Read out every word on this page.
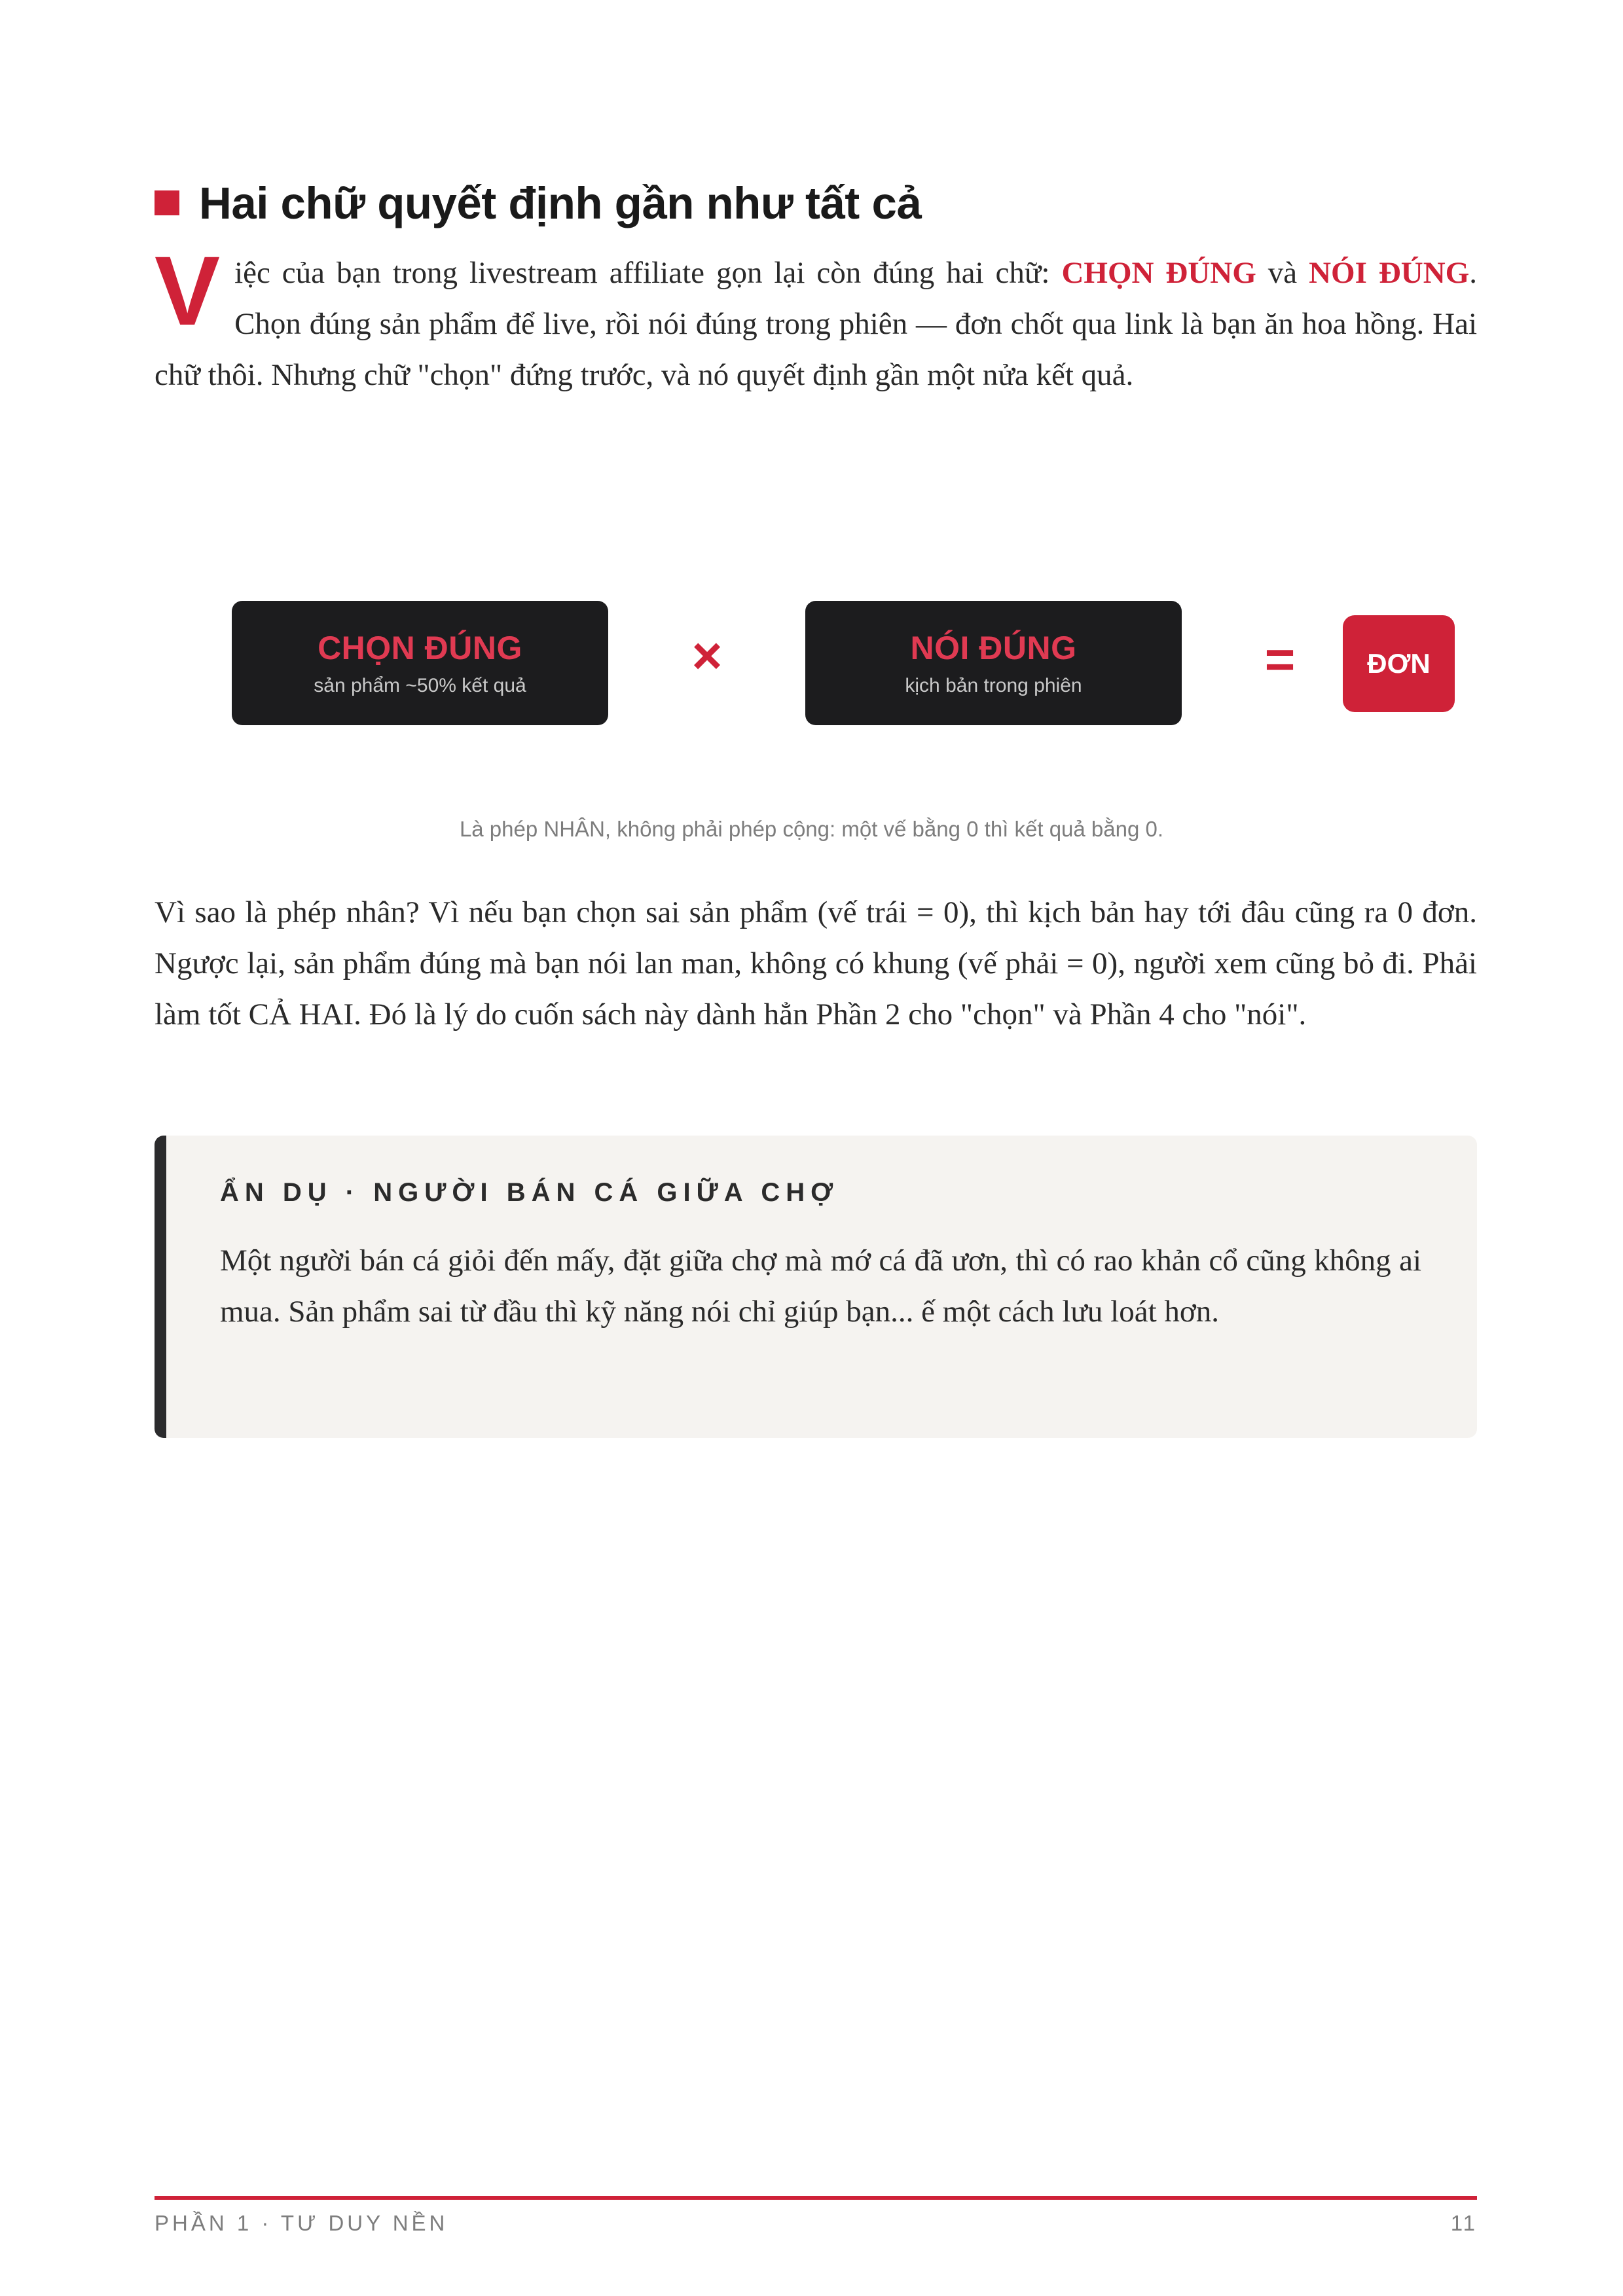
Hai chữ quyết định gần như tất cả

Việc của bạn trong livestream affiliate gọn lại còn đúng hai chữ: CHỌN ĐÚNG và NÓI ĐÚNG. Chọn đúng sản phẩm để live, rồi nói đúng trong phiên — đơn chốt qua link là bạn ăn hoa hồng. Hai chữ thôi. Nhưng chữ "chọn" đứng trước, và nó quyết định gần một nửa kết quả.

CHỌN ĐÚNG
sản phẩm ~50% kết quả
×	NÓI ĐÚNG
kịch bản trong phiên	=	ĐƠN
Là phép NHÂN, không phải phép cộng: một vế bằng 0 thì kết quả bằng 0.

Vì sao là phép nhân? Vì nếu bạn chọn sai sản phẩm (vế trái = 0), thì kịch bản hay tới đâu cũng ra 0 đơn. Ngược lại, sản phẩm đúng mà bạn nói lan man, không có khung (vế phải = 0), người xem cũng bỏ đi. Phải làm tốt CẢ HAI. Đó là lý do cuốn sách này dành hẳn Phần 2 cho "chọn" và Phần 4 cho "nói".

ẨN DỤ · NGƯỜI BÁN CÁ GIỮA CHỢ

Một người bán cá giỏi đến mấy, đặt giữa chợ mà mớ cá đã ươn, thì có rao khản cổ cũng không ai mua. Sản phẩm sai từ đầu thì kỹ năng nói chỉ giúp bạn... ế một cách lưu loát hơn.

PHẦN 1 · TƯ DUY NỀN	11
